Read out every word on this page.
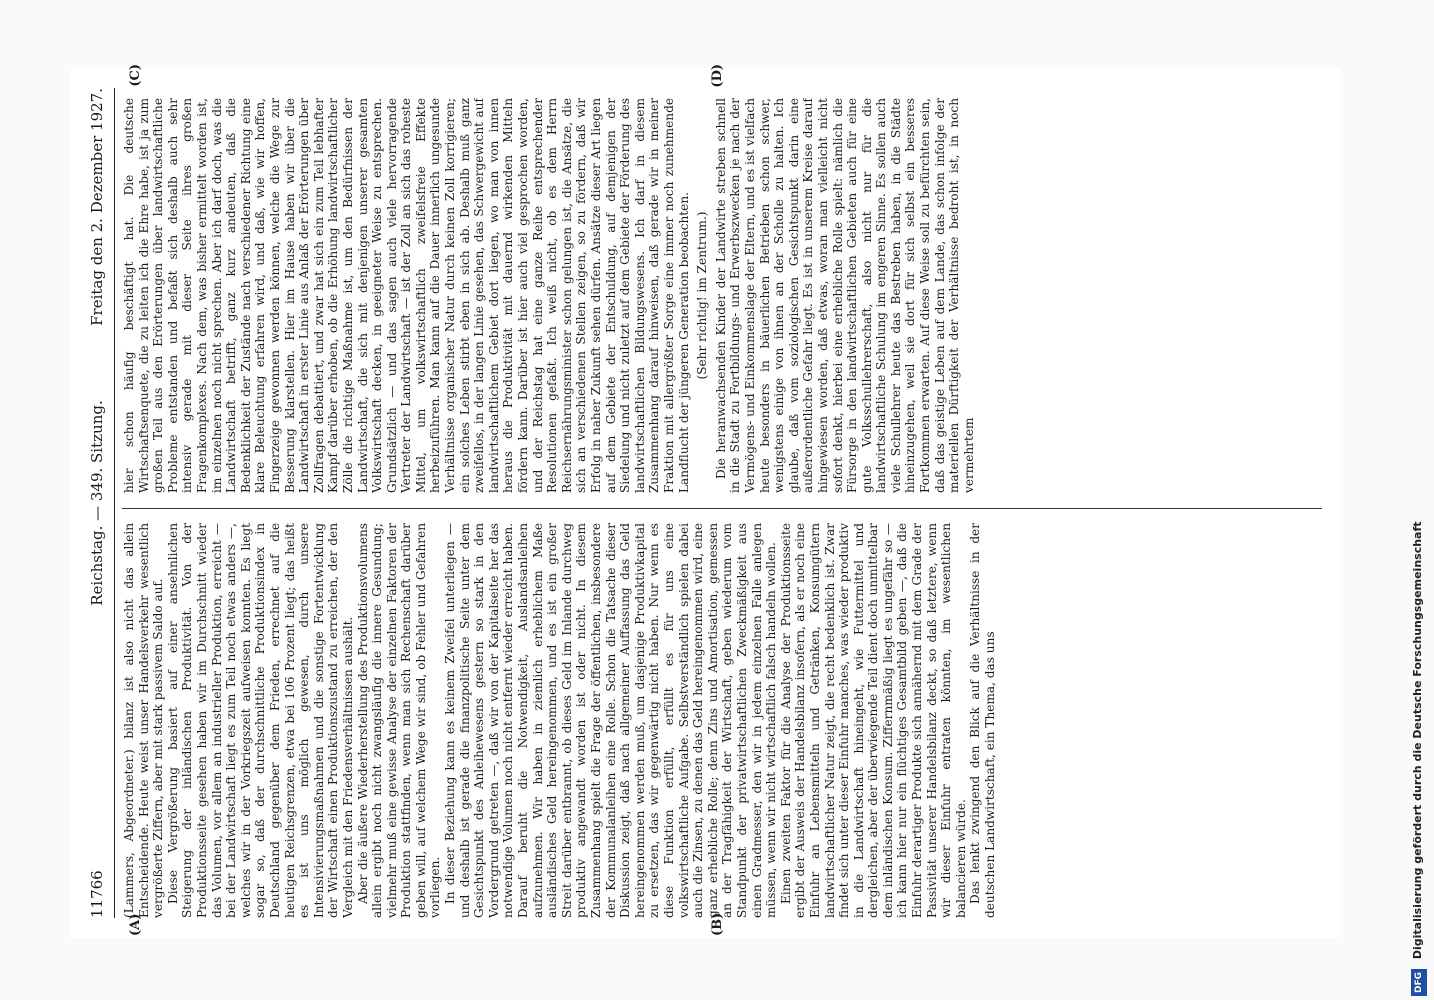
11766
Reichstag. — 349. Sitzung.
Freitag den 2. Dezember 1927.
(A)	(B)
(C)	(D)

(Lammers, Abgeordneter.) bilanz ist also nicht das allein Entscheidende. Heute weist unser Handelsverkehr wesentlich vergrößerte Ziffern, aber mit stark passivem Saldo auf. Diese Vergrößerung basiert auf einer ansehnlichen Steigerung der inländischen Produktivität. Von der Produktionsseite gesehen haben wir im Durchschnitt wieder das Volumen, vor allem an industrieller Produktion, erreicht — bei der Landwirtschaft liegt es zum Teil noch etwas anders —, welches wir in der Vorkriegszeit aufweisen konnten. Es liegt sogar so, daß der durchschnittliche Produktionsindex in Deutschland gegenüber dem Frieden, errechnet auf die heutigen Reichsgrenzen, etwa bei 106 Prozent liegt; das heißt es ist uns möglich gewesen, durch unsere Intensivierungsmaßnahmen und die sonstige Fortentwicklung der Wirtschaft einen Produktionszustand zu erreichen, der den Vergleich mit den Friedensverhältnissen aushält. Aber die äußere Wiederherstellung des Produktionsvolumens allein ergibt noch nicht zwangsläufig die innere Gesundung; vielmehr muß eine gewisse Analyse der einzelnen Faktoren der Produktion stattfinden, wenn man sich Rechenschaft darüber geben will, auf welchem Wege wir sind, ob Fehler und Gefahren vorliegen. In dieser Beziehung kann es keinem Zweifel unterliegen — und deshalb ist gerade die finanzpolitische Seite unter dem Gesichtspunkt des Anleihewesens gestern so stark in den Vordergrund getreten —, daß wir von der Kapitalseite her das notwendige Volumen noch nicht entfernt wieder erreicht haben. Darauf beruht die Notwendigkeit, Auslandsanleihen aufzunehmen. Wir haben in ziemlich erheblichem Maße ausländisches Geld hereingenommen, und es ist ein großer Streit darüber entbrannt, ob dieses Geld im Inlande durchweg produktiv angewandt worden ist oder nicht. In diesem Zusammenhang spielt die Frage der öffentlichen, insbesondere der Kommunalanleihen eine Rolle. Schon die Tatsache dieser Diskussion zeigt, daß nach allgemeiner Auffassung das Geld hereingenommen werden muß, um dasjenige Produktivkapital zu ersetzen, das wir gegenwärtig nicht haben. Nur wenn es diese Funktion erfüllt, erfüllt es für uns eine volkswirtschaftliche Aufgabe. Selbstverständlich spielen dabei auch die Zinsen, zu denen das Geld hereingenommen wird, eine ganz erhebliche Rolle; denn Zins und Amortisation, gemessen an der Tragfähigkeit der Wirtschaft, geben wiederum vom Standpunkt der privatwirtschaftlichen Zweckmäßigkeit aus einen Gradmesser, den wir in jedem einzelnen Falle anlegen müssen, wenn wir nicht wirtschaftlich falsch handeln wollen. Einen zweiten Faktor für die Analyse der Produktionsseite ergibt der Ausweis der Handelsbilanz insofern, als er noch eine Einfuhr an Lebensmitteln und Getränken, Konsumgütern landwirtschaftlicher Natur zeigt, die recht bedenklich ist. Zwar findet sich unter dieser Einfuhr manches, was wieder produktiv in die Landwirtschaft hineingeht, wie Futtermittel und dergleichen, aber der überwiegende Teil dient doch unmittelbar dem inländischen Konsum. Ziffernmäßig liegt es ungefähr so — ich kann hier nur ein flüchtiges Gesamtbild geben —, daß die Einfuhr derartiger Produkte sich annähernd mit dem Grade der Passivität unserer Handelsbilanz deckt, so daß letztere, wenn wir dieser Einfuhr entraten könnten, im wesentlichen balancieren würde. Das lenkt zwingend den Blick auf die Verhältnisse in der deutschen Landwirtschaft, ein Thema, das uns

hier schon häufig beschäftigt hat. Die deutsche Wirtschaftsenquete, die zu leiten ich die Ehre habe, ist ja zum großen Teil aus den Erörterungen über landwirtschaftliche Probleme entstanden und befaßt sich deshalb auch sehr intensiv gerade mit dieser Seite ihres großen Fragenkomplexes. Nach dem, was bisher ermittelt worden ist, im einzelnen noch nicht sprechen. Aber ich darf doch, was die Landwirtschaft betrifft, ganz kurz andeuten, daß die Bedenklichkeit der Zustände nach verschiedener Richtung eine klare Beleuchtung erfahren wird, und daß, wie wir hoffen, Fingerzeige gewonnen werden können, welche die Wege zur Besserung klarstellen. Hier im Hause haben wir über die Landwirtschaft in erster Linie aus Anlaß der Erörterungen über Zollfragen debattiert, und zwar hat sich ein zum Teil lebhafter Kampf darüber erhoben, ob die Erhöhung landwirtschaftlicher Zölle die richtige Maßnahme ist, um den Bedürfnissen der Landwirtschaft, die sich mit denjenigen unserer gesamten Volkswirtschaft decken, in geeigneter Weise zu entsprechen. Grundsätzlich — und das sagen auch viele hervorragende Vertreter der Landwirtschaft — ist der Zoll an sich das roheste Mittel, um volkswirtschaftlich zweifelsfreie Effekte herbeizuführen. Man kann auf die Dauer innerlich ungesunde Verhältnisse organischer Natur durch keinen Zoll korrigieren; ein solches Leben stirbt eben in sich ab. Deshalb muß ganz zweifellos, in der langen Linie gesehen, das Schwergewicht auf landwirtschaftlichem Gebiet dort liegen, wo man von innen heraus die Produktivität mit dauernd wirkenden Mitteln fördern kann. Darüber ist hier auch viel gesprochen worden, und der Reichstag hat eine ganze Reihe entsprechender Resolutionen gefaßt. Ich weiß nicht, ob es dem Herrn Reichsernährungsminister schon gelungen ist, die Ansätze, die sich an verschiedenen Stellen zeigen, so zu fördern, daß wir Erfolg in naher Zukunft sehen dürfen. Ansätze dieser Art liegen auf dem Gebiete der Entschuldung, auf demjenigen der Siedelung und nicht zuletzt auf dem Gebiete der Förderung des landwirtschaftlichen Bildungswesens. Ich darf in diesem Zusammenhang darauf hinweisen, daß gerade wir in meiner Fraktion mit allergrößter Sorge eine immer noch zunehmende Landflucht der jüngeren Generation beobachten. (Sehr richtig! im Zentrum.) Die heranwachsenden Kinder der Landwirte streben schnell in die Stadt zu Fortbildungs- und Erwerbszwecken je nach der Vermögens- und Einkommenslage der Eltern, und es ist vielfach heute besonders in bäuerlichen Betrieben schon schwer, wenigstens einige von ihnen an der Scholle zu halten. Ich glaube, daß vom soziologischen Gesichtspunkt darin eine außerordentliche Gefahr liegt. Es ist in unserem Kreise darauf hingewiesen worden, daß etwas, woran man vielleicht nicht sofort denkt, hierbei eine erhebliche Rolle spielt: nämlich die Fürsorge in den landwirtschaftlichen Gebieten auch für eine gute Volksschullehrerschaft, also nicht nur für die landwirtschaftliche Schulung im engeren Sinne. Es sollen auch viele Schullehrer heute das Bestreben haben, in die Städte hineinzugehen, weil sie dort für sich selbst ein besseres Fortkommen erwarten. Auf diese Weise soll zu befürchten sein, daß das geistige Leben auf dem Lande, das schon infolge der materiellen Dürftigkeit der Verhältnisse bedroht ist, in noch vermehrtem

DFG Digitalisierung gefördert durch die Deutsche Forschungsgemeinschaft
